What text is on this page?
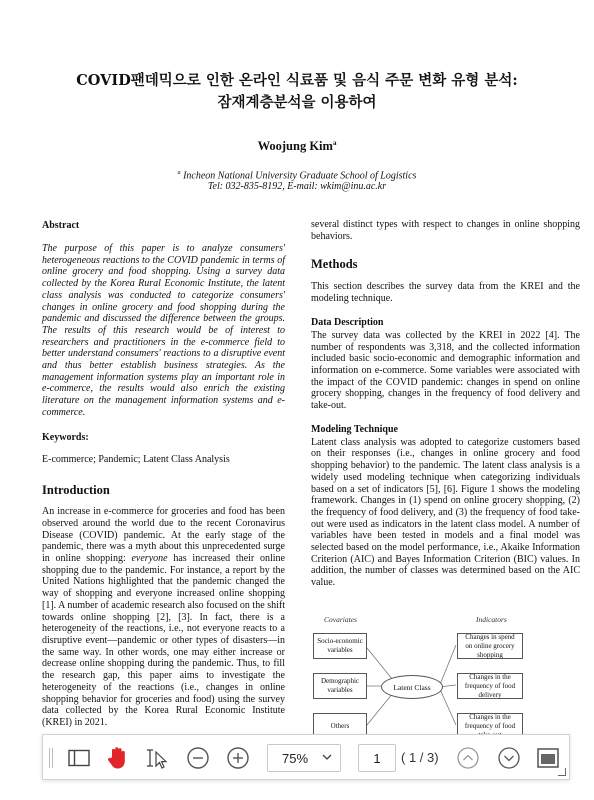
COVID팬데믹으로 인한 온라인 식료품 및 음식 주문 변화 유형 분석:
잠재계층분석을 이용하여
Woojung Kim$^a$
$^a$ Incheon National University Graduate School of Logistics
Tel: 032-835-8192, E-mail: wkim@inu.ac.kr
Abstract
The purpose of this paper is to analyze consumers' heterogeneous reactions to the COVID pandemic in terms of online grocery and food shopping. Using a survey data collected by the Korea Rural Economic Institute, the latent class analysis was conducted to categorize consumers' changes in online grocery and food shopping during the pandemic and discussed the difference between the groups. The results of this research would be of interest to researchers and practitioners in the e-commerce field to better understand consumers' reactions to a disruptive event and thus better establish business strategies. As the management information systems play an important role in e-commerce, the results would also enrich the existing literature on the management information systems and e-commerce.
Keywords:
E-commerce; Pandemic; Latent Class Analysis
Introduction
An increase in e-commerce for groceries and food has been observed around the world due to the recent Coronavirus Disease (COVID) pandemic. At the early stage of the pandemic, there was a myth about this unprecedented surge in online shopping: everyone has increased their online shopping due to the pandemic. For instance, a report by the United Nations highlighted that the pandemic changed the way of shopping and everyone increased online shopping [1]. A number of academic research also focused on the shift towards online shopping [2], [3]. In fact, there is a heterogeneity of the reactions, i.e., not everyone reacts to a disruptive event—pandemic or other types of disasters—in the same way. In other words, one may either increase or decrease online shopping during the pandemic. Thus, to fill the research gap, this paper aims to investigate the heterogeneity of the reactions (i.e., changes in online shopping behavior for groceries and food) using the survey data collected by the Korea Rural Economic Institute (KREI) in 2021.
several distinct types with respect to changes in online shopping behaviors.
Methods
This section describes the survey data from the KREI and the modeling technique.
Data Description
The survey data was collected by the KREI in 2022 [4]. The number of respondents was 3,318, and the collected information included basic socio-economic and demographic information and information on e-commerce. Some variables were associated with the impact of the COVID pandemic: changes in spend on online grocery shopping, changes in the frequency of food delivery and take-out.
Modeling Technique
Latent class analysis was adopted to categorize customers based on their responses (i.e., changes in online grocery and food shopping behavior) to the pandemic. The latent class analysis is a widely used modeling technique when categorizing individuals based on a set of indicators [5], [6]. Figure 1 shows the modeling framework. Changes in (1) spend on online grocery shopping, (2) the frequency of food delivery, and (3) the frequency of food take-out were used as indicators in the latent class model. A number of variables have been tested in models and a final model was selected based on the model performance, i.e., Akaike Information Criterion (AIC) and Bayes Information Criterion (BIC) values. In addition, the number of classes was determined based on the AIC value.
Covariates	Indicators
Socio-economic variables
Demographic variables
Others
Latent Class
Changes in spend on online grocery shopping
Changes in the frequency of food delivery
Changes in the frequency of food
75%	1	( 1 / 3)
